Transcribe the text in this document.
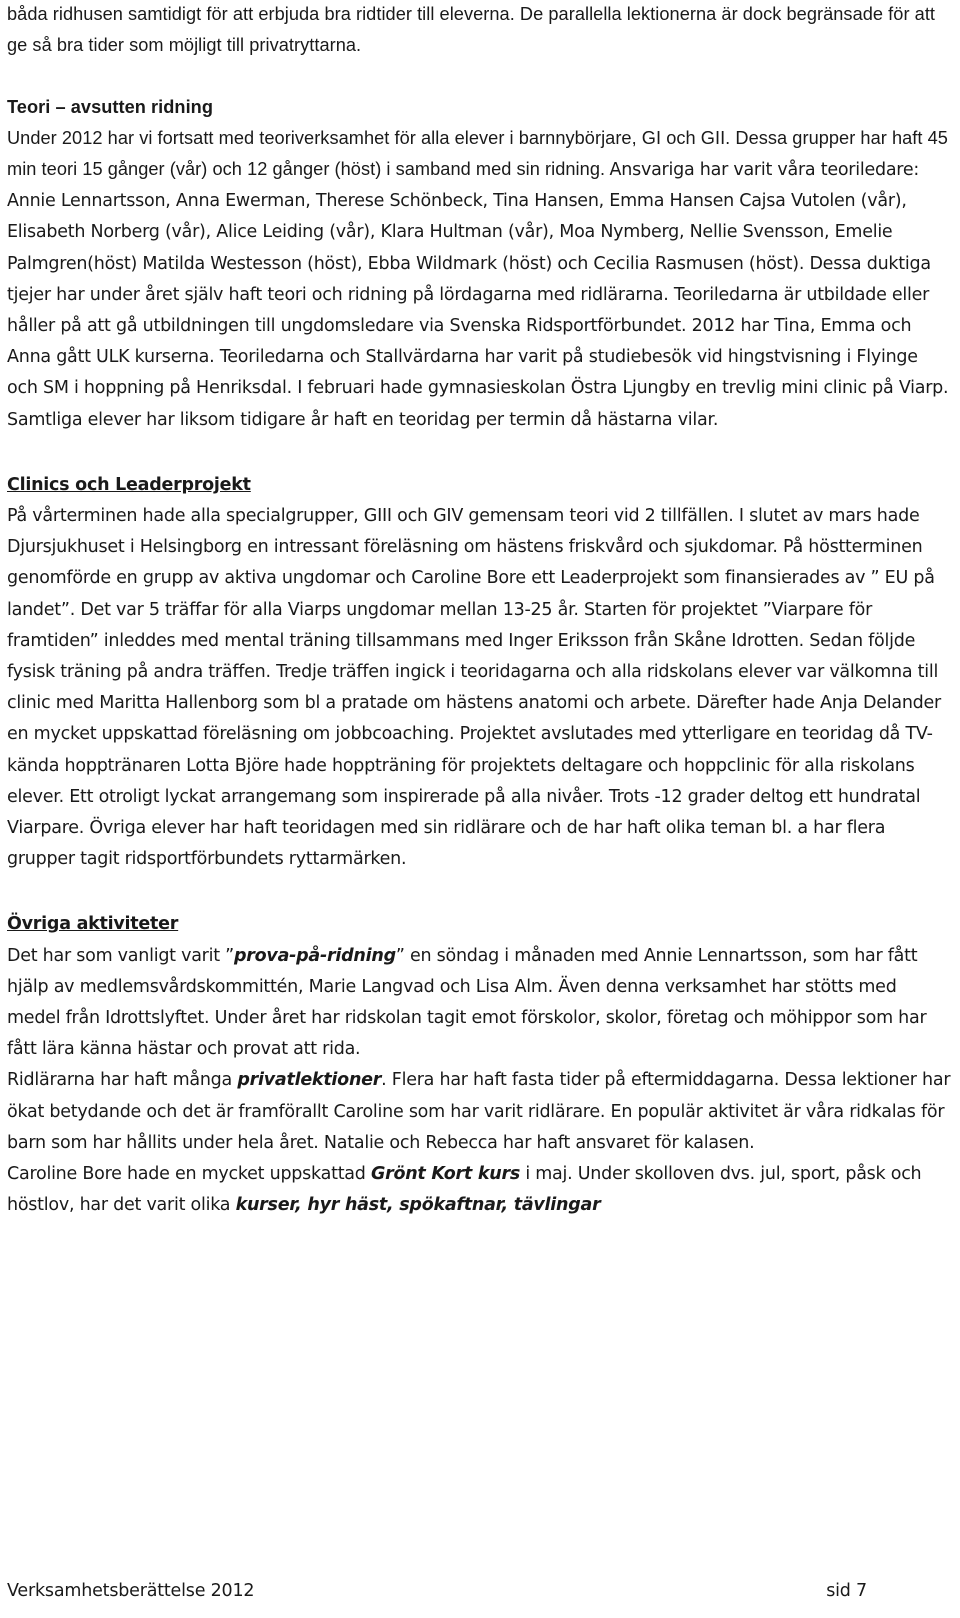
båda ridhusen samtidigt för att erbjuda bra ridtider till eleverna. De parallella lektionerna är dock begränsade för att ge så bra tider som möjligt till privatryttarna.

Teori – avsutten ridning

Under 2012 har vi fortsatt med teoriverksamhet för alla elever i barnnybörjare, GI och GII. Dessa grupper har haft 45 min teori 15 gånger (vår) och 12 gånger (höst) i samband med sin ridning. Ansvariga har varit våra teoriledare: Annie Lennartsson, Anna Ewerman, Therese Schönbeck, Tina Hansen, Emma Hansen Cajsa Vutolen (vår), Elisabeth Norberg (vår), Alice Leiding (vår), Klara Hultman (vår), Moa Nymberg, Nellie Svensson, Emelie Palmgren(höst) Matilda Westesson (höst), Ebba Wildmark (höst) och Cecilia Rasmusen (höst). Dessa duktiga tjejer har under året själv haft teori och ridning på lördagarna med ridlärarna. Teoriledarna är utbildade eller håller på att gå utbildningen till ungdomsledare via Svenska Ridsportförbundet. 2012 har Tina, Emma och Anna gått ULK kurserna. Teoriledarna och Stallvärdarna har varit på studiebesök vid hingstvisning i Flyinge och SM i hoppning på Henriksdal. I februari hade gymnasieskolan Östra Ljungby en trevlig mini clinic på Viarp. Samtliga elever har liksom tidigare år haft en teoridag per termin då hästarna vilar.

Clinics och Leaderprojekt

På vårterminen hade alla specialgrupper, GIII och GIV gemensam teori vid 2 tillfällen. I slutet av mars hade Djursjukhuset i Helsingborg en intressant föreläsning om hästens friskvård och sjukdomar. På höstterminen genomförde en grupp av aktiva ungdomar och Caroline Bore ett Leaderprojekt som finansierades av ” EU på landet”. Det var 5 träffar för alla Viarps ungdomar mellan 13-25 år. Starten för projektet ”Viarpare för framtiden” inleddes med mental träning tillsammans med Inger Eriksson från Skåne Idrotten. Sedan följde fysisk träning på andra träffen. Tredje träffen ingick i teoridagarna och alla ridskolans elever var välkomna till clinic med Maritta Hallenborg som bl a pratade om hästens anatomi och arbete. Därefter hade Anja Delander en mycket uppskattad föreläsning om jobbcoaching. Projektet avslutades med ytterligare en teoridag då TV-kända hopptränaren Lotta Björe hade hoppträning för projektets deltagare och hoppclinic för alla riskolans elever. Ett otroligt lyckat arrangemang som inspirerade på alla nivåer. Trots -12 grader deltog ett hundratal Viarpare. Övriga elever har haft teoridagen med sin ridlärare och de har haft olika teman bl. a har flera grupper tagit ridsportförbundets ryttarmärken.

Övriga aktiviteter

Det har som vanligt varit ”prova-på-ridning” en söndag i månaden med Annie Lennartsson, som har fått hjälp av medlemsvårdskommittén, Marie Langvad och Lisa Alm. Även denna verksamhet har stötts med medel från Idrottslyftet. Under året har ridskolan tagit emot förskolor, skolor, företag och möhippor som har fått lära känna hästar och provat att rida.

Ridlärarna har haft många privatlektioner. Flera har haft fasta tider på eftermiddagarna. Dessa lektioner har ökat betydande och det är framförallt Caroline som har varit ridlärare. En populär aktivitet är våra ridkalas för barn som har hållits under hela året. Natalie och Rebecca har haft ansvaret för kalasen.

Caroline Bore hade en mycket uppskattad Grönt Kort kurs i maj. Under skolloven dvs. jul, sport, påsk och höstlov, har det varit olika kurser, hyr häst, spökaftnar, tävlingar

Verksamhetsberättelse 2012	sid 7
